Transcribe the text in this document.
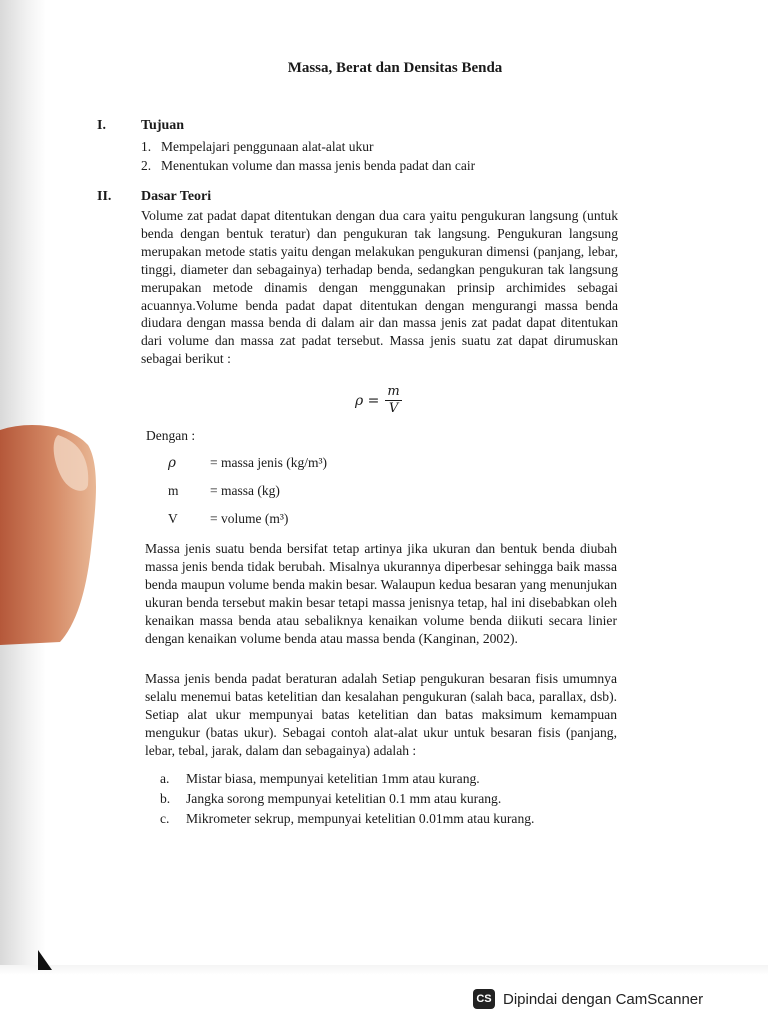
Massa, Berat dan Densitas Benda
I.	Tujuan
1. Mempelajari penggunaan alat-alat ukur
2. Menentukan volume dan massa jenis benda padat dan cair
II. Dasar Teori
Volume zat padat dapat ditentukan dengan dua cara yaitu pengukuran langsung (untuk benda dengan bentuk teratur) dan pengukuran tak langsung. Pengukuran langsung merupakan metode statis yaitu dengan melakukan pengukuran dimensi (panjang, lebar, tinggi, diameter dan sebagainya) terhadap benda, sedangkan pengukuran tak langsung merupakan metode dinamis dengan menggunakan prinsip archimides sebagai acuannya.Volume benda padat dapat ditentukan dengan mengurangi massa benda diudara dengan massa benda di dalam air dan massa jenis zat padat dapat ditentukan dari volume dan massa zat padat tersebut. Massa jenis suatu zat dapat dirumuskan sebagai berikut :
$\rho = \frac{m}{V}$
Dengan :
ρ	= massa jenis (kg/m³)
m = massa (kg)
V = volume (m³)
Massa jenis suatu benda bersifat tetap artinya jika ukuran dan bentuk benda diubah massa jenis benda tidak berubah. Misalnya ukurannya diperbesar sehingga baik massa benda maupun volume benda makin besar. Walaupun kedua besaran yang menunjukan ukuran benda tersebut makin besar tetapi massa jenisnya tetap, hal ini disebabkan oleh kenaikan massa benda atau sebaliknya kenaikan volume benda diikuti secara linier dengan kenaikan volume benda atau massa benda (Kanginan, 2002).
Massa jenis benda padat beraturan adalah Setiap pengukuran besaran fisis umumnya selalu menemui batas ketelitian dan kesalahan pengukuran (salah baca, parallax, dsb). Setiap alat ukur mempunyai batas ketelitian dan batas maksimum kemampuan mengukur (batas ukur). Sebagai contoh alat-alat ukur untuk besaran fisis (panjang, lebar, tebal, jarak, dalam dan sebagainya) adalah :
a. Mistar biasa, mempunyai ketelitian 1mm atau kurang.
b. Jangka sorong mempunyai ketelitian 0.1 mm atau kurang.
c. Mikrometer sekrup, mempunyai ketelitian 0.01mm atau kurang.
CS Dipindai dengan CamScanner
